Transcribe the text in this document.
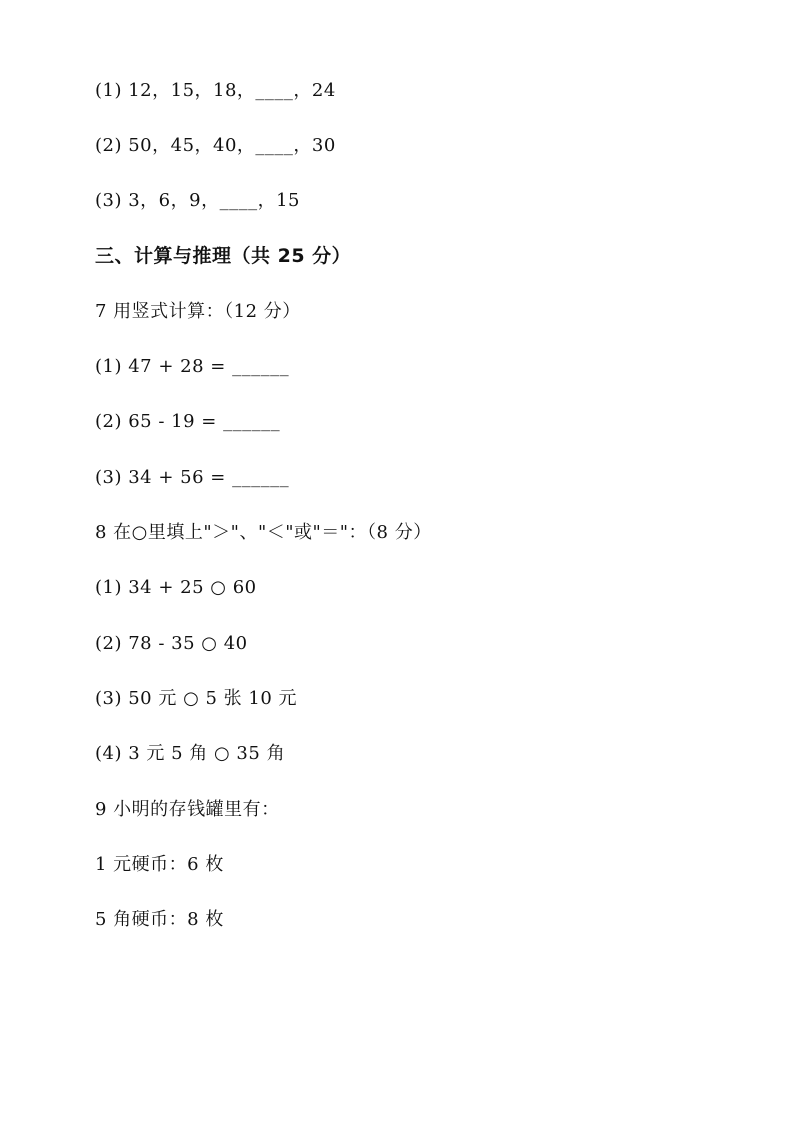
(1) 12，15，18，____，24
(2) 50，45，40，____，30
(3) 3，6，9，____，15
三、计算与推理（共 25 分）
7 用竖式计算：（12 分）
(1) 47 + 28 = ______
(2) 65 - 19 = ______
(3) 34 + 56 = ______
8 在○里填上"＞"、"＜"或"＝"：（8 分）
(1) 34 + 25 ○ 60
(2) 78 - 35 ○ 40
(3) 50 元 ○ 5 张 10 元
(4) 3 元 5 角 ○ 35 角
9 小明的存钱罐里有：
1 元硬币：6 枚
5 角硬币：8 枚
